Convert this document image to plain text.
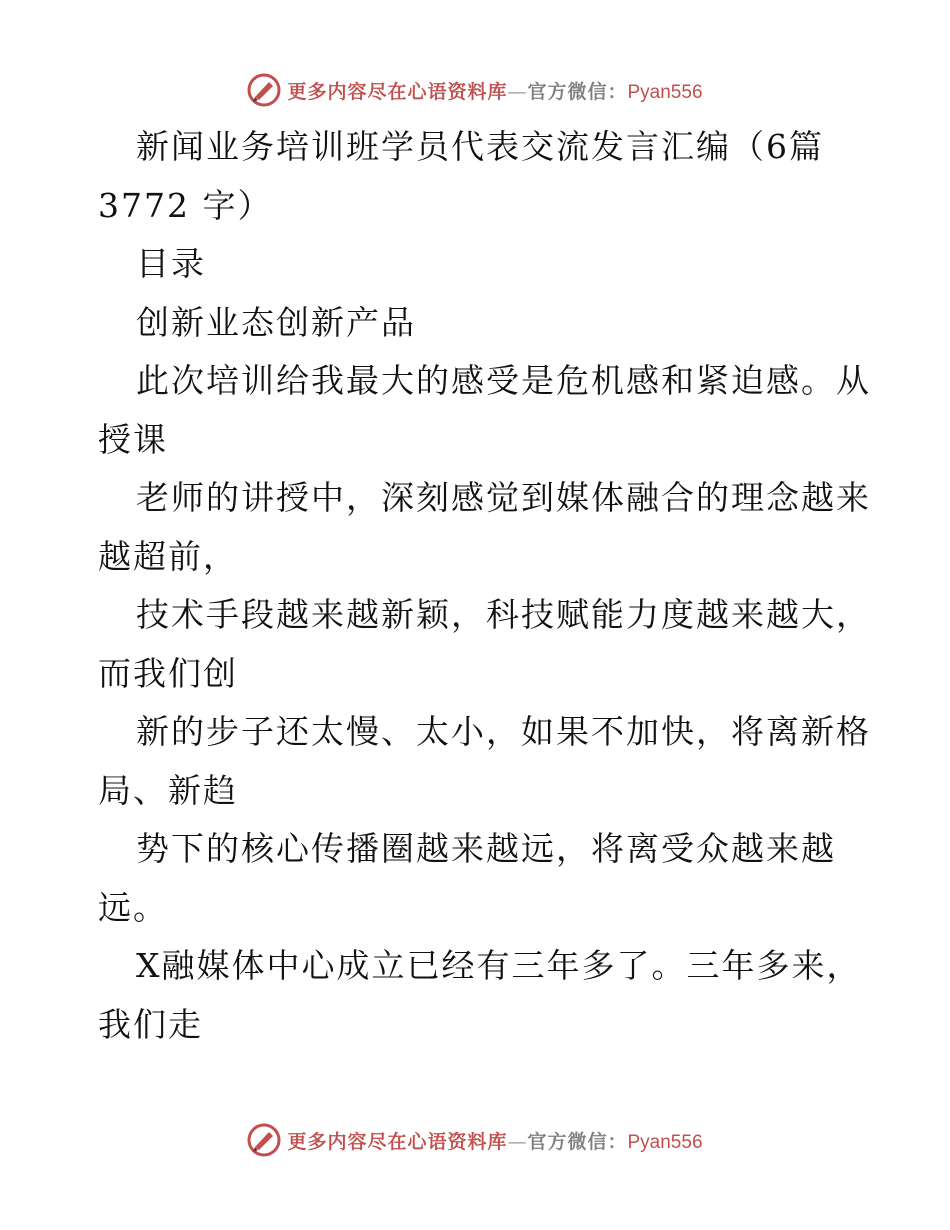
更多内容尽在心语资料库—官方微信：Pyan556
新闻业务培训班学员代表交流发言汇编（6篇
3772 字）
目录
创新业态创新产品
此次培训给我最大的感受是危机感和紧迫感。从
授课
老师的讲授中，深刻感觉到媒体融合的理念越来
越超前，
技术手段越来越新颖，科技赋能力度越来越大，
而我们创
新的步子还太慢、太小，如果不加快，将离新格
局、新趋
势下的核心传播圈越来越远，将离受众越来越
远。
X融媒体中心成立已经有三年多了。三年多来，
我们走
更多内容尽在心语资料库—官方微信：Pyan556
